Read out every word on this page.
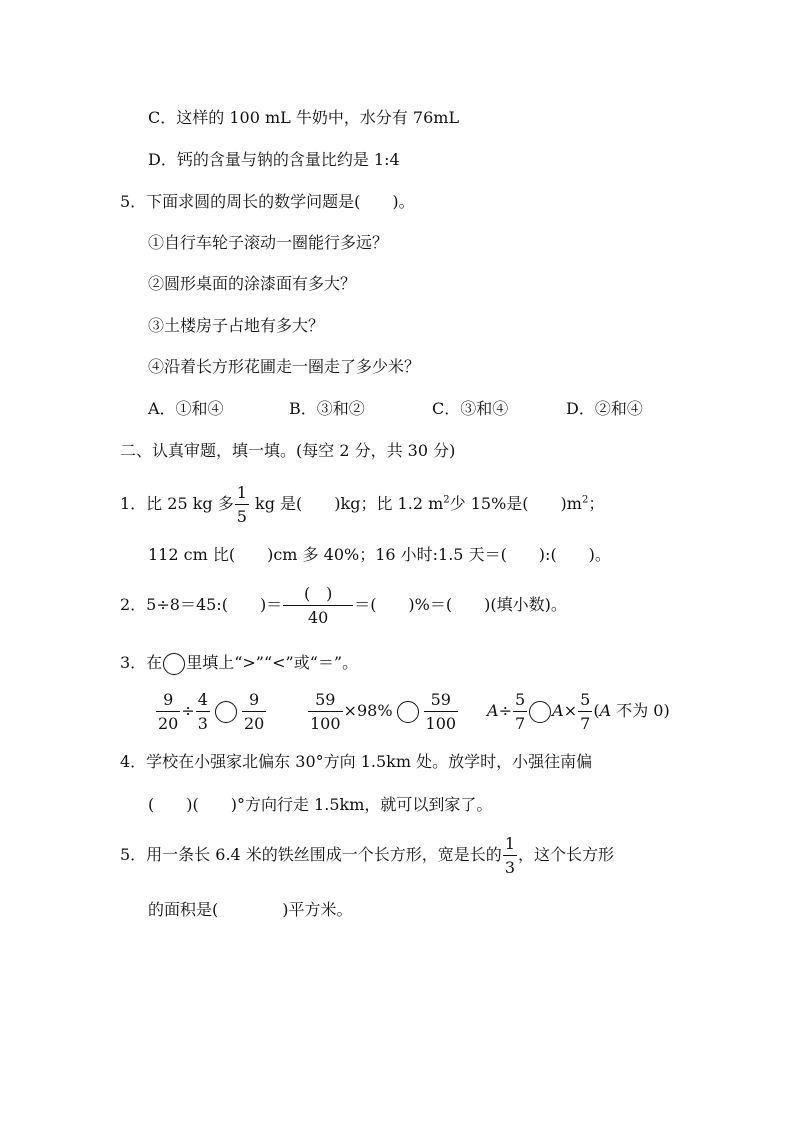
C．这样的 100 mL 牛奶中，水分有 76mL
D．钙的含量与钠的含量比约是 1:4
5．下面求圆的周长的数学问题是(　　)。
①自行车轮子滚动一圈能行多远？
②圆形桌面的涂漆面有多大？
③土楼房子占地有多大？
④沿着长方形花圃走一圈走了多少米？
A．①和④	B．③和②	C．③和④	D．②和④
二、认真审题，填一填。(每空 2 分，共 30 分)
1．比 25 kg 多 $\frac{1}{5}$ kg 是(　　)kg；比 1.2 $m^2$少 15%是(　　)$m^2$；
112 cm 比(　　)cm 多 40%；16 小时:1.5 天＝(　　):(　　)。
2．5÷8＝45:(　　)＝ $\frac{( )}{40}$ ＝(　　)%＝(　　)(填小数)。
3．在 里填上“>”“<”或“＝”。
$\frac{9}{20} \div \frac{4}{3} \frac{9}{20}$	$\frac{59}{100} \times 98\% \frac{59}{100} A\div \frac{5}{7} A\times \frac{5}{7} (A$ 不为 0)
4．学校在小强家北偏东 30°方向 1.5km 处。放学时，小强往南偏
(　　)(　　)°方向行走 1.5km，就可以到家了。
5．用一条长 6.4 米的铁丝围成一个长方形，宽是长的 $\frac{1}{3}$ ，这个长方形
的面积是(　　　　)平方米。
